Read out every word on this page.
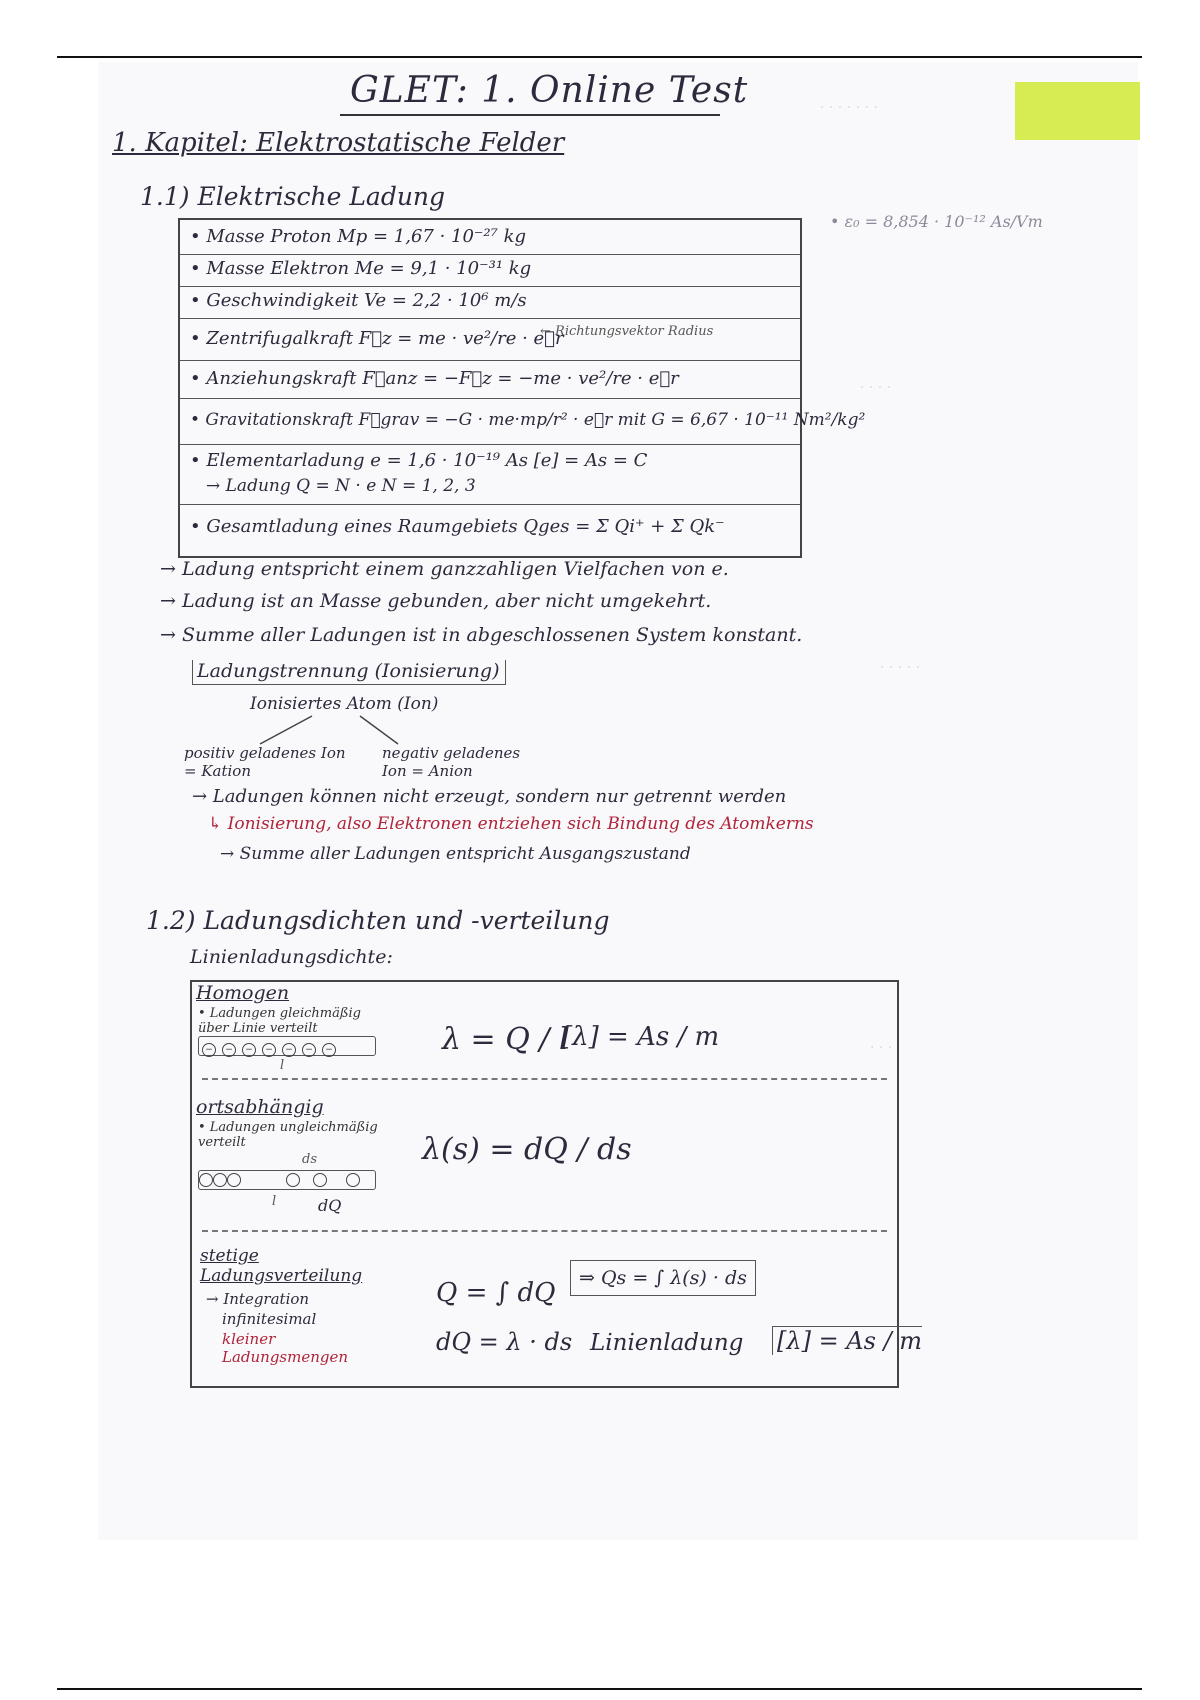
· · · · · · ·
· · · ·
· · · · ·
· · ·
GLET: 1. Online Test
1. Kapitel: Elektrostatische Felder
• ε₀ = 8,854 · 10⁻¹² As/Vm
1.1) Elektrische Ladung
• Masse Proton Mp = 1,67 · 10⁻²⁷ kg
• Masse Elektron Me = 9,1 · 10⁻³¹ kg
• Geschwindigkeit Ve = 2,2 · 10⁶ m/s
• Zentrifugalkraft F⃗z = me · ve²/re · e⃗r
← Richtungsvektor Radius
• Anziehungskraft F⃗anz = −F⃗z = −me · ve²/re · e⃗r
• Gravitationskraft F⃗grav = −G · me·mp/r² · e⃗r mit G = 6,67 · 10⁻¹¹ Nm²/kg²
• Elementarladung e = 1,6 · 10⁻¹⁹ As [e] = As = C
→ Ladung Q = N · e N = 1, 2, 3
• Gesamtladung eines Raumgebiets Qges = Σ Qi⁺ + Σ Qk⁻
→ Ladung entspricht einem ganzzahligen Vielfachen von e.
→ Ladung ist an Masse gebunden, aber nicht umgekehrt.
→ Summe aller Ladungen ist in abgeschlossenen System konstant.
Ladungstrennung (Ionisierung)
Ionisiertes Atom (Ion)
positiv geladenes Ion = Kation
negativ geladenes Ion = Anion
→ Ladungen können nicht erzeugt, sondern nur getrennt werden
↳ Ionisierung, also Elektronen entziehen sich Bindung des Atomkerns
→ Summe aller Ladungen entspricht Ausgangszustand
1.2) Ladungsdichten und -verteilung
Linienladungsdichte:
Homogen
• Ladungen gleichmäßig über Linie verteilt
− − − − − − −
l
λ = Q / l
[λ] = As / m
ortsabhängig
• Ladungen ungleichmäßig verteilt

ds
l	dQ
λ(s) = dQ / ds
stetige Ladungsverteilung
→ Integration
infinitesimal
kleiner Ladungsmengen
Q = ∫ dQ
dQ = λ · ds Linienladung [λ] = As / m
⇒ Qs = ∫ λ(s) · ds
